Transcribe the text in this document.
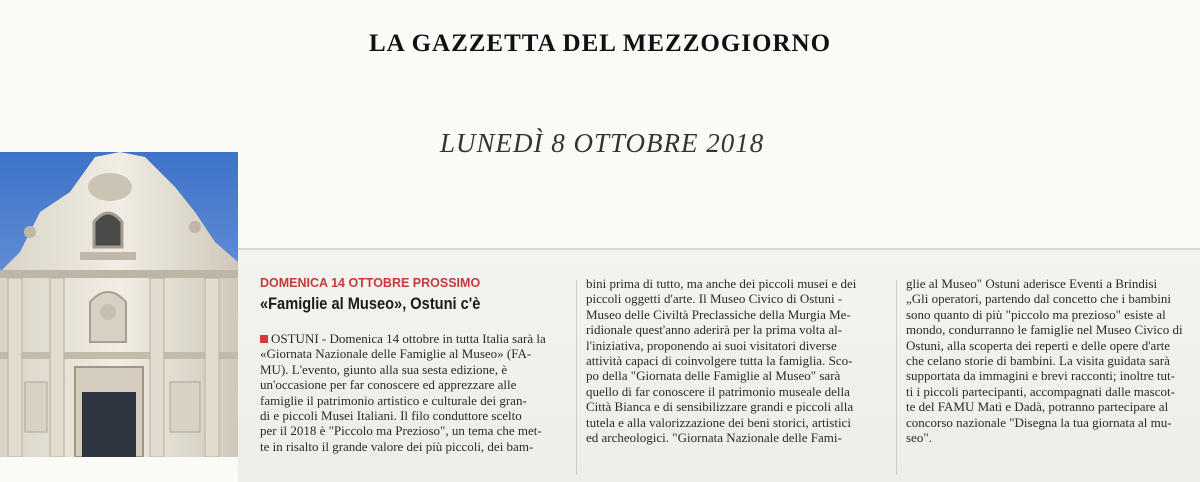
LA GAZZETTA DEL MEZZOGIORNO
LUNEDÌ 8 OTTOBRE 2018
DOMENICA 14 OTTOBRE PROSSIMO
«Famiglie al Museo», Ostuni c'è
OSTUNI - Domenica 14 ottobre in tutta Italia sarà la
«Giornata Nazionale delle Famiglie al Museo» (FA-
MU). L'evento, giunto alla sua sesta edizione, è
un'occasione per far conoscere ed apprezzare alle
famiglie il patrimonio artistico e culturale dei gran-
di e piccoli Musei Italiani. Il filo conduttore scelto
per il 2018 è "Piccolo ma Prezioso", un tema che met-
te in risalto il grande valore dei più piccoli, dei bam-
bini prima di tutto, ma anche dei piccoli musei e dei
piccoli oggetti d'arte. Il Museo Civico di Ostuni -
Museo delle Civiltà Preclassiche della Murgia Me-
ridionale quest'anno aderirà per la prima volta al-
l'iniziativa, proponendo ai suoi visitatori diverse
attività capaci di coinvolgere tutta la famiglia. Sco-
po della "Giornata delle Famiglie al Museo" sarà
quello di far conoscere il patrimonio museale della
Città Bianca e di sensibilizzare grandi e piccoli alla
tutela e alla valorizzazione dei beni storici, artistici
ed archeologici. "Giornata Nazionale delle Fami-
glie al Museo" Ostuni aderisce Eventi a Brindisi
„Gli operatori, partendo dal concetto che i bambini
sono quanto di più "piccolo ma prezioso" esiste al
mondo, condurranno le famiglie nel Museo Civico di
Ostuni, alla scoperta dei reperti e delle opere d'arte
che celano storie di bambini. La visita guidata sarà
supportata da immagini e brevi racconti; inoltre tut-
ti i piccoli partecipanti, accompagnati dalle mascot-
te del FAMU Matì e Dadà, potranno partecipare al
concorso nazionale "Disegna la tua giornata al mu-
seo".
